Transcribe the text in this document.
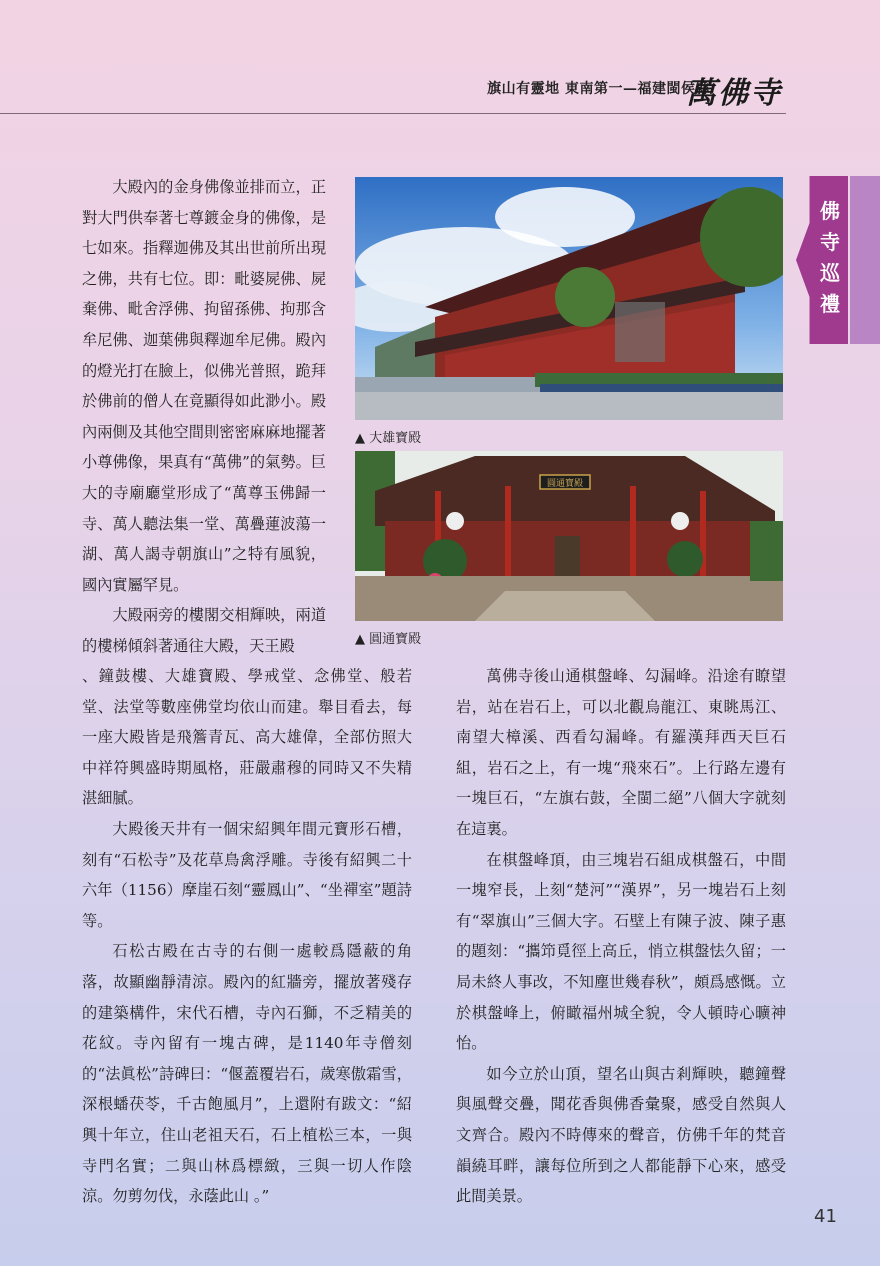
旗山有靈地 東南第一—福建閩侯縣
萬佛寺
佛
寺
巡
禮

大殿內的金身佛像並排而立，正對大門供奉著七尊鍍金身的佛像，是七如來。指釋迦佛及其出世前所出現之佛，共有七位。即：毗婆屍佛、屍棄佛、毗舍浮佛、拘留孫佛、拘那含牟尼佛、迦葉佛與釋迦牟尼佛。殿內的燈光打在臉上，似佛光普照，跪拜於佛前的僧人在竟顯得如此渺小。殿內兩側及其他空間則密密麻麻地擺著小尊佛像，果真有“萬佛”的氣勢。巨大的寺廟廳堂形成了“萬尊玉佛歸一寺、萬人聽法集一堂、萬疊蓮波蕩一湖、萬人謁寺朝旗山”之特有風貌，國內實屬罕見。

大殿兩旁的樓閣交相輝映，兩道的樓梯傾斜著通往大殿，天王殿

▲ 大雄寶殿
圓通寶殿
▲ 圓通寶殿

、鐘鼓樓、大雄寶殿、學戒堂、念佛堂、般若堂、法堂等數座佛堂均依山而建。舉目看去，每一座大殿皆是飛簷青瓦、高大雄偉，全部仿照大中祥符興盛時期風格，莊嚴肅穆的同時又不失精湛細膩。

大殿後天井有一個宋紹興年間元寶形石槽，刻有“石松寺”及花草鳥禽浮雕。寺後有紹興二十六年（1156）摩崖石刻“靈鳳山”、“坐禪室”題詩等。

石松古殿在古寺的右側一處較爲隱蔽的角落，故顯幽靜清涼。殿內的紅牆旁，擺放著殘存的建築構件，宋代石槽，寺內石獅，不乏精美的花紋。寺內留有一塊古碑，是1140年寺僧刻的“法眞松”詩碑曰：“偃蓋覆岩石，歲寒傲霜雪，深根蟠茯苓，千古飽風月”，上還附有跋文：“紹興十年立，住山老祖天石，石上植松三本，一與寺門名實；二與山林爲標緻，三與一切人作陰涼。勿剪勿伐，永蔭此山 。”

萬佛寺後山通棋盤峰、勾漏峰。沿途有瞭望岩，站在岩石上，可以北觀烏龍江、東眺馬江、南望大樟溪、西看勾漏峰。有羅漢拜西天巨石組，岩石之上，有一塊“飛來石”。上行路左邊有一塊巨石，“左旗右鼓，全閩二絕”八個大字就刻在這裏。

在棋盤峰頂，由三塊岩石組成棋盤石，中間一塊窄長，上刻“楚河”“漢界”，另一塊岩石上刻有“翠旗山”三個大字。石壁上有陳子波、陳子惠的題刻：“攜笻覓徑上高丘，悄立棋盤怯久留；一局未終人事改，不知塵世幾春秋”，頗爲感慨。立於棋盤峰上，俯瞰福州城全貌，令人頓時心曠神怡。

如今立於山頂，望名山與古剎輝映，聽鐘聲與風聲交疊，聞花香與佛香彙聚，感受自然與人文齊合。殿內不時傳來的聲音，仿佛千年的梵音韻繞耳畔，讓每位所到之人都能靜下心來，感受此間美景。

41
